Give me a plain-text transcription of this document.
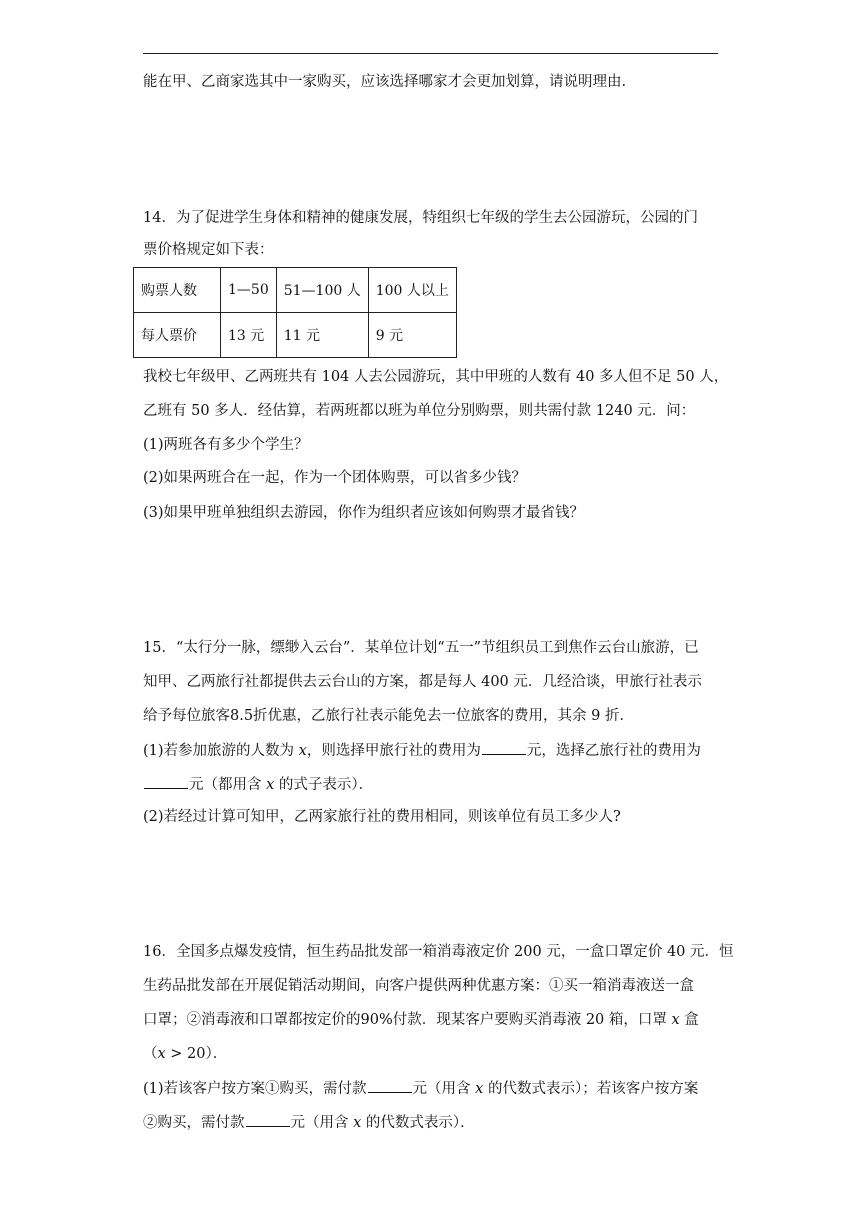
能在甲、乙商家选其中一家购买，应该选择哪家才会更加划算，请说明理由.
14．为了促进学生身体和精神的健康发展，特组织七年级的学生去公园游玩，公园的门
票价格规定如下表：
购票人数	1—50	51—100 人	100 人以上
每人票价	13 元	11 元	9 元
我校七年级甲、乙两班共有 104 人去公园游玩，其中甲班的人数有 40 多人但不足 50 人，
乙班有 50 多人．经估算，若两班都以班为单位分别购票，则共需付款 1240 元．问：
(1)两班各有多少个学生？
(2)如果两班合在一起，作为一个团体购票，可以省多少钱？
(3)如果甲班单独组织去游园，你作为组织者应该如何购票才最省钱？
15．“太行分一脉，缥缈入云台”．某单位计划“五一”节组织员工到焦作云台山旅游，已
知甲、乙两旅行社都提供去云台山的方案，都是每人 400 元．几经洽谈，甲旅行社表示
给予每位旅客8.5折优惠，乙旅行社表示能免去一位旅客的费用，其余 9 折．
(1)若参加旅游的人数为 x，则选择甲旅行社的费用为	元，选择乙旅行社的费用为
元（都用含 x 的式子表示）．
(2)若经过计算可知甲，乙两家旅行社的费用相同，则该单位有员工多少人?
16．全国多点爆发疫情，恒生药品批发部一箱消毒液定价 200 元，一盒口罩定价 40 元．恒
生药品批发部在开展促销活动期间，向客户提供两种优惠方案：①买一箱消毒液送一盒
口罩；②消毒液和口罩都按定价的90%付款．现某客户要购买消毒液 20 箱，口罩 x 盒
（x > 20）．
(1)若该客户按方案①购买，需付款	元（用含 x 的代数式表示）；若该客户按方案
②购买，需付款	元（用含 x 的代数式表示）．
